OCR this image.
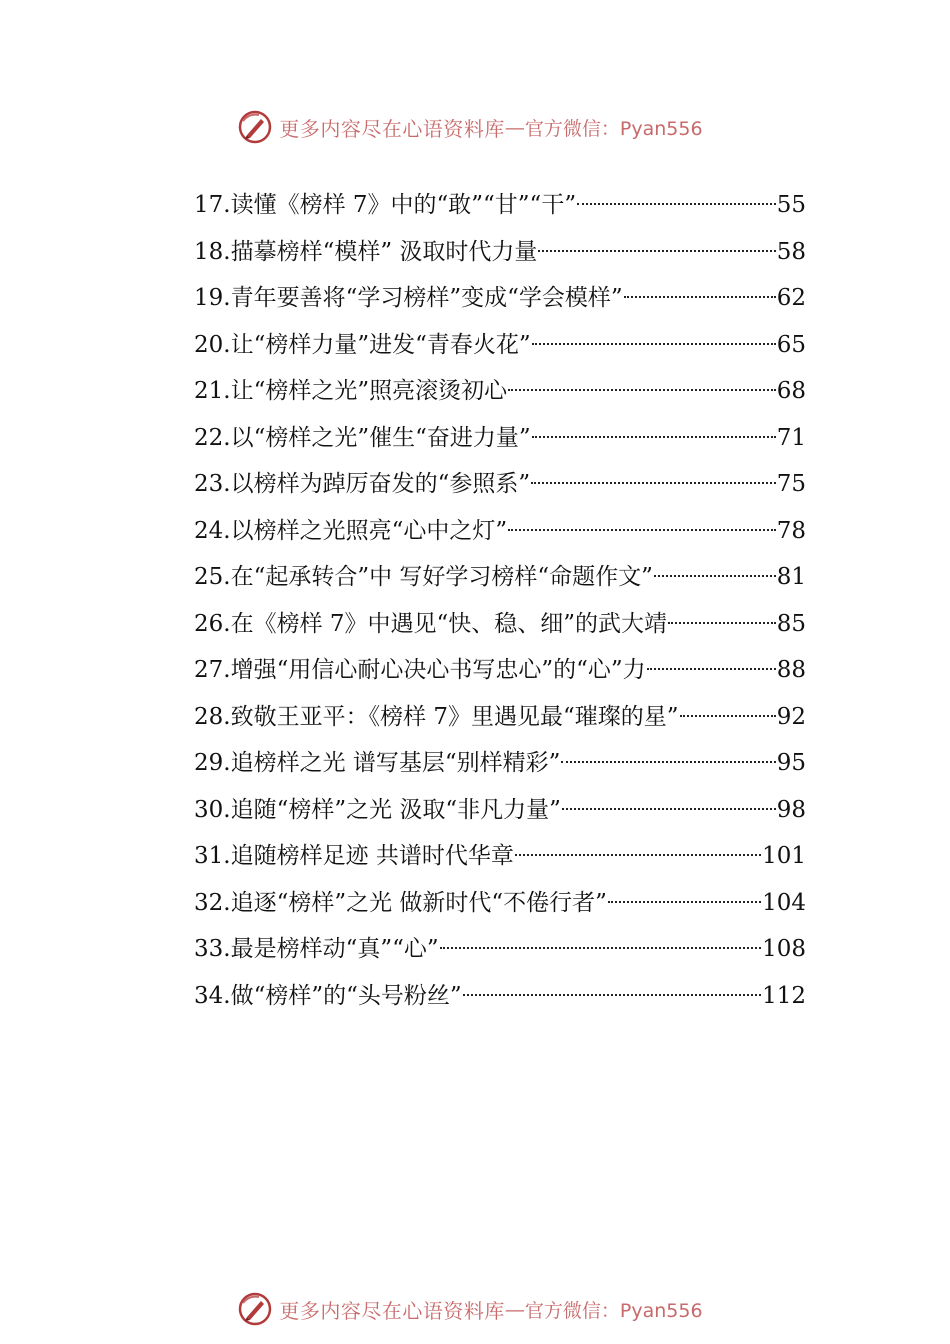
更多内容尽在心语资料库 — 官方微信：Pyan556
17.读懂《榜样 7》中的“敢”“甘”“干”	55
18.描摹榜样“模样” 汲取时代力量	58
19.青年要善将“学习榜样”变成“学会模样”	62
20.让“榜样力量”进发“青春火花”	65
21.让“榜样之光”照亮滚烫初心	68
22.以“榜样之光”催生“奋进力量”	71
23.以榜样为踔厉奋发的“参照系”	75
24.以榜样之光照亮“心中之灯”	78
25.在“起承转合”中 写好学习榜样“命题作文”	81
26.在《榜样 7》中遇见“快、稳、细”的武大靖	85
27.增强“用信心耐心决心书写忠心”的“心”力	88
28.致敬王亚平：《榜样 7》里遇见最“璀璨的星”	92
29.追榜样之光 谱写基层“别样精彩”	95
30.追随“榜样”之光 汲取“非凡力量”	98
31.追随榜样足迹 共谱时代华章	101
32.追逐“榜样”之光 做新时代“不倦行者”	104
33.最是榜样动“真”“心”	108
34.做“榜样”的“头号粉丝”	112
更多内容尽在心语资料库 — 官方微信：Pyan556
